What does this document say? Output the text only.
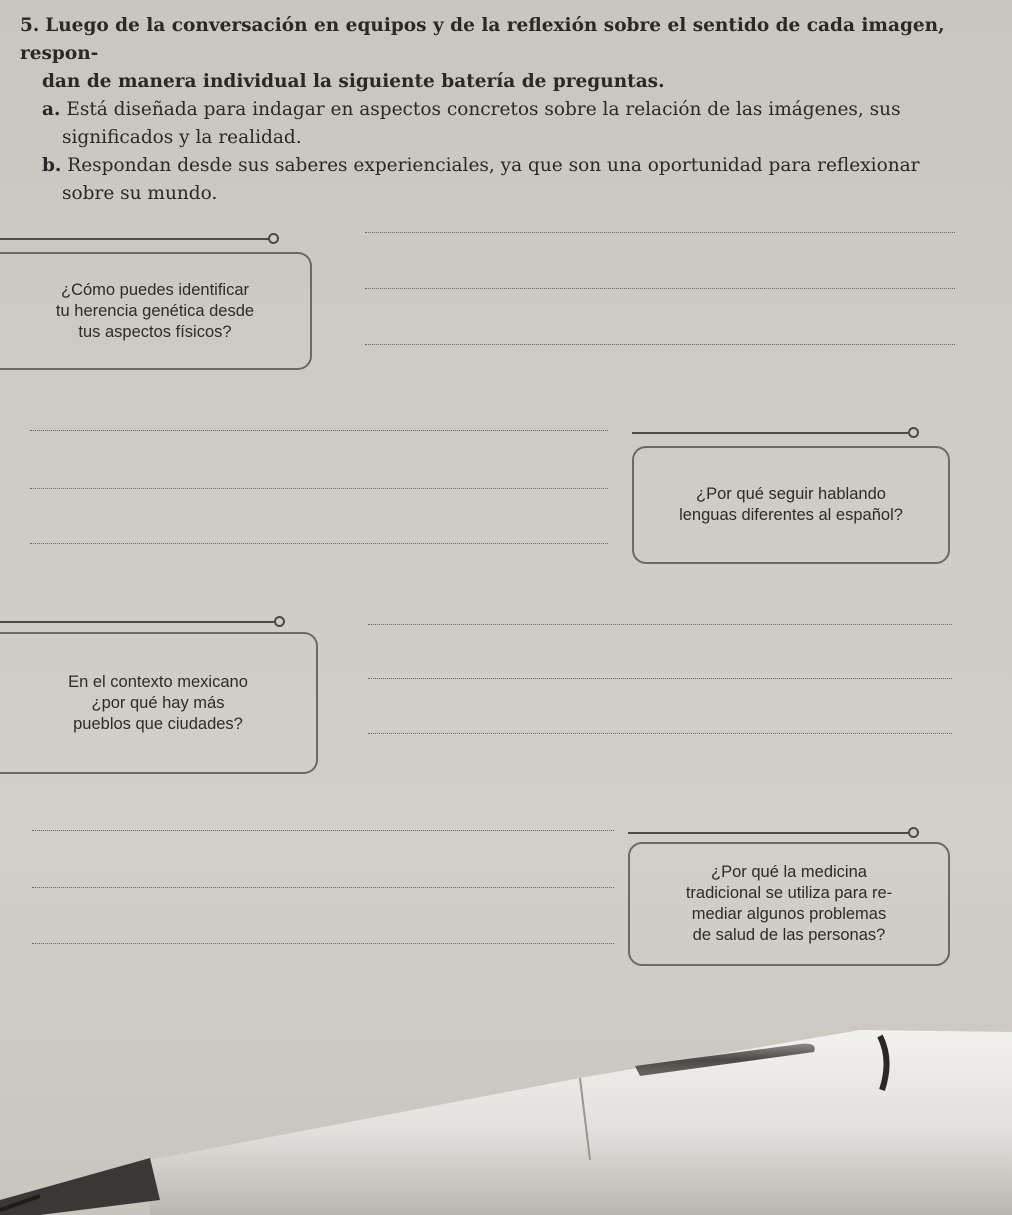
5. Luego de la conversación en equipos y de la reflexión sobre el sentido de cada imagen, respon-
dan de manera individual la siguiente batería de preguntas.
a. Está diseñada para indagar en aspectos concretos sobre la relación de las imágenes, sus
significados y la realidad.
b. Respondan desde sus saberes experienciales, ya que son una oportunidad para reflexionar
sobre su mundo.
¿Cómo puedes identificar
tu herencia genética desde
tus aspectos físicos?
¿Por qué seguir hablando
lenguas diferentes al español?
En el contexto mexicano
¿por qué hay más
pueblos que ciudades?
¿Por qué la medicina
tradicional se utiliza para re-
mediar algunos problemas
de salud de las personas?
